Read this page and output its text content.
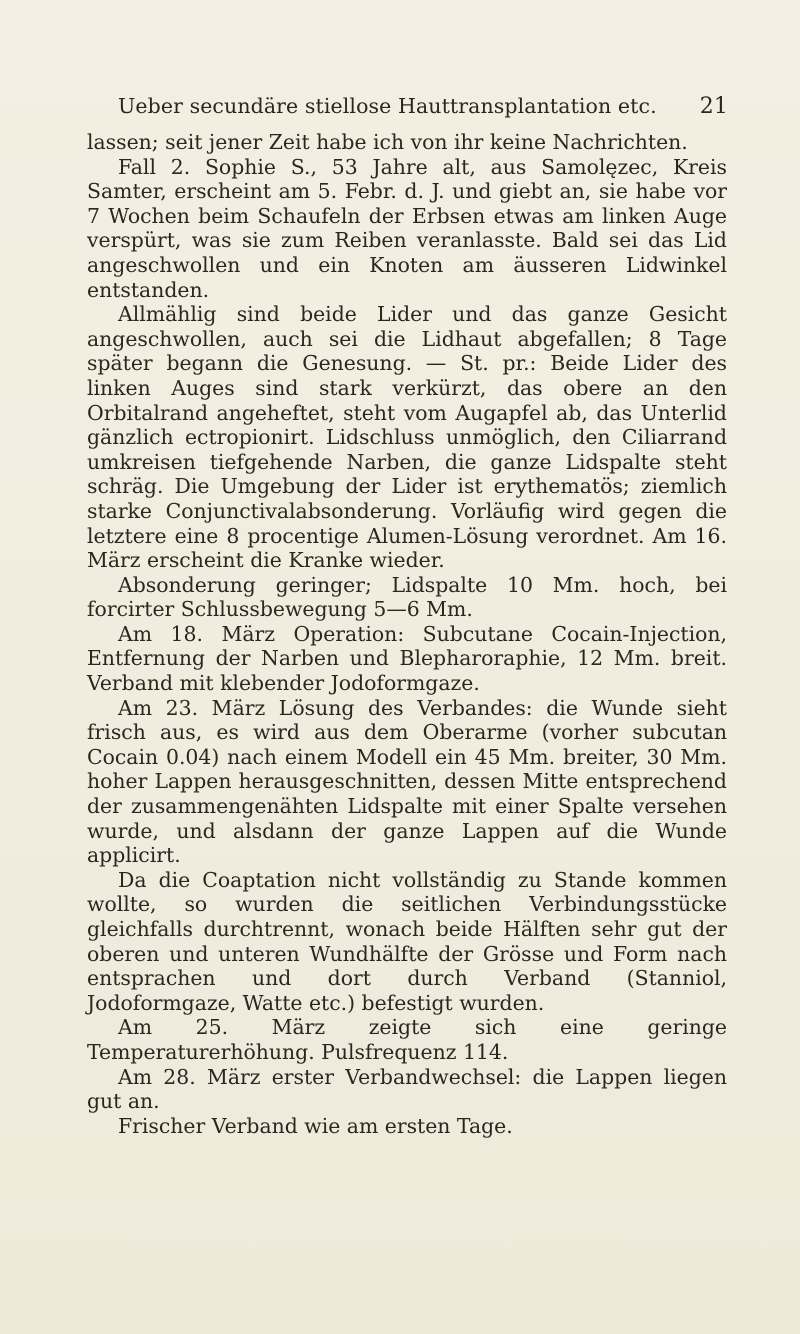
Ueber secundäre stiellose Hauttransplantation etc. 21

lassen; seit jener Zeit habe ich von ihr keine Nachrichten.

Fall 2. Sophie S., 53 Jahre alt, aus Samolęzec, Kreis Samter, erscheint am 5. Febr. d. J. und giebt an, sie habe vor 7 Wochen beim Schaufeln der Erbsen etwas am linken Auge verspürt, was sie zum Reiben veranlasste. Bald sei das Lid angeschwollen und ein Knoten am äusseren Lidwinkel entstanden.

Allmählig sind beide Lider und das ganze Gesicht angeschwollen, auch sei die Lidhaut abgefallen; 8 Tage später begann die Genesung. — St. pr.: Beide Lider des linken Auges sind stark verkürzt, das obere an den Orbitalrand angeheftet, steht vom Augapfel ab, das Unterlid gänzlich ectropionirt. Lidschluss unmöglich, den Ciliarrand umkreisen tiefgehende Narben, die ganze Lidspalte steht schräg. Die Umgebung der Lider ist erythematös; ziemlich starke Conjunctivalabsonderung. Vorläufig wird gegen die letztere eine 8 procentige Alumen-Lösung verordnet. Am 16. März erscheint die Kranke wieder.

Absonderung geringer; Lidspalte 10 Mm. hoch, bei forcirter Schlussbewegung 5—6 Mm.

Am 18. März Operation: Subcutane Cocain-Injection, Entfernung der Narben und Blepharoraphie, 12 Mm. breit. Verband mit klebender Jodoformgaze.

Am 23. März Lösung des Verbandes: die Wunde sieht frisch aus, es wird aus dem Oberarme (vorher subcutan Cocain 0.04) nach einem Modell ein 45 Mm. breiter, 30 Mm. hoher Lappen herausgeschnitten, dessen Mitte entsprechend der zusammengenähten Lidspalte mit einer Spalte versehen wurde, und alsdann der ganze Lappen auf die Wunde applicirt.

Da die Coaptation nicht vollständig zu Stande kommen wollte, so wurden die seitlichen Verbindungsstücke gleichfalls durchtrennt, wonach beide Hälften sehr gut der oberen und unteren Wundhälfte der Grösse und Form nach entsprachen und dort durch Verband (Stanniol, Jodoformgaze, Watte etc.) befestigt wurden.

Am 25. März zeigte sich eine geringe Temperaturerhöhung. Pulsfrequenz 114.

Am 28. März erster Verbandwechsel: die Lappen liegen gut an.

Frischer Verband wie am ersten Tage.
